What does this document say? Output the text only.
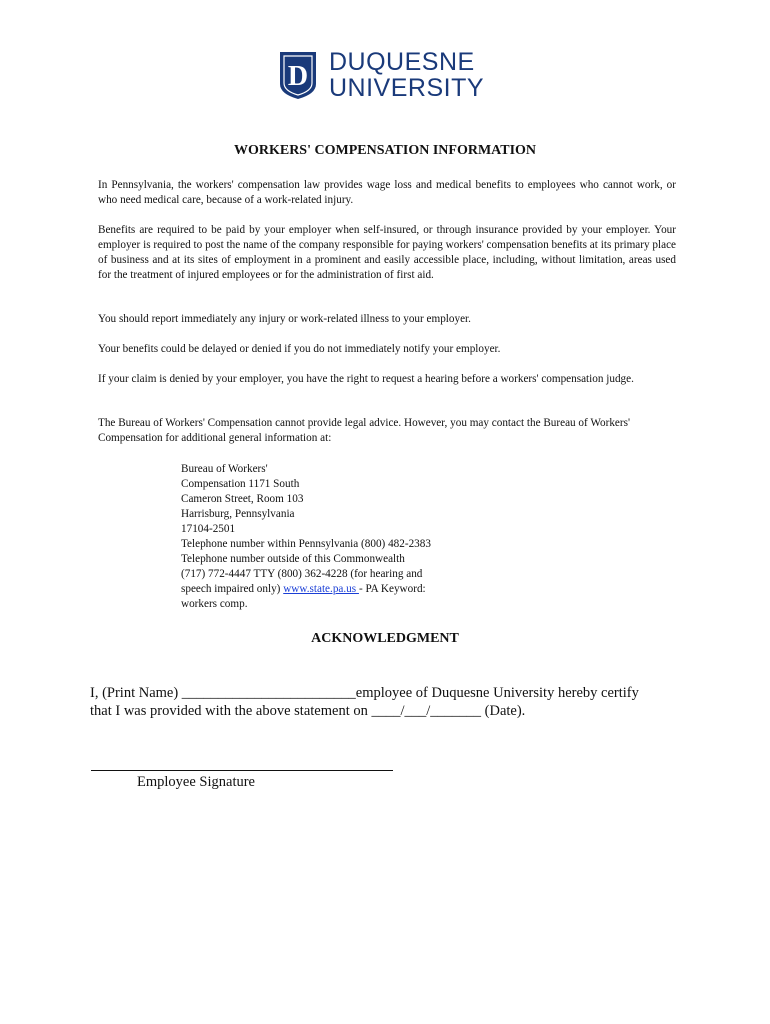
D DUQUESNE
UNIVERSITY
WORKERS' COMPENSATION INFORMATION
In Pennsylvania, the workers' compensation law provides wage loss and medical benefits to employees who cannot work, or who need medical care, because of a work-related injury.
Benefits are required to be paid by your employer when self-insured, or through insurance provided by your employer. Your employer is required to post the name of the company responsible for paying workers' compensation benefits at its primary place of business and at its sites of employment in a prominent and easily accessible place, including, without limitation, areas used for the treatment of injured employees or for the administration of first aid.
You should report immediately any injury or work-related illness to your employer.
Your benefits could be delayed or denied if you do not immediately notify your employer.
If your claim is denied by your employer, you have the right to request a hearing before a workers' compensation judge.
The Bureau of Workers' Compensation cannot provide legal advice. However, you may contact the Bureau of Workers' Compensation for additional general information at:
Bureau of Workers'
Compensation 1171 South
Cameron Street, Room 103
Harrisburg, Pennsylvania
17104-2501
Telephone number within Pennsylvania (800) 482-2383
Telephone number outside of this Commonwealth
(717) 772-4447 TTY (800) 362-4228 (for hearing and
speech impaired only) www.state.pa.us - PA Keyword:
workers comp.
ACKNOWLEDGMENT
I, (Print Name) ________________________employee of Duquesne University hereby certify
that I was provided with the above statement on ____/___/_______ (Date).
Employee Signature
